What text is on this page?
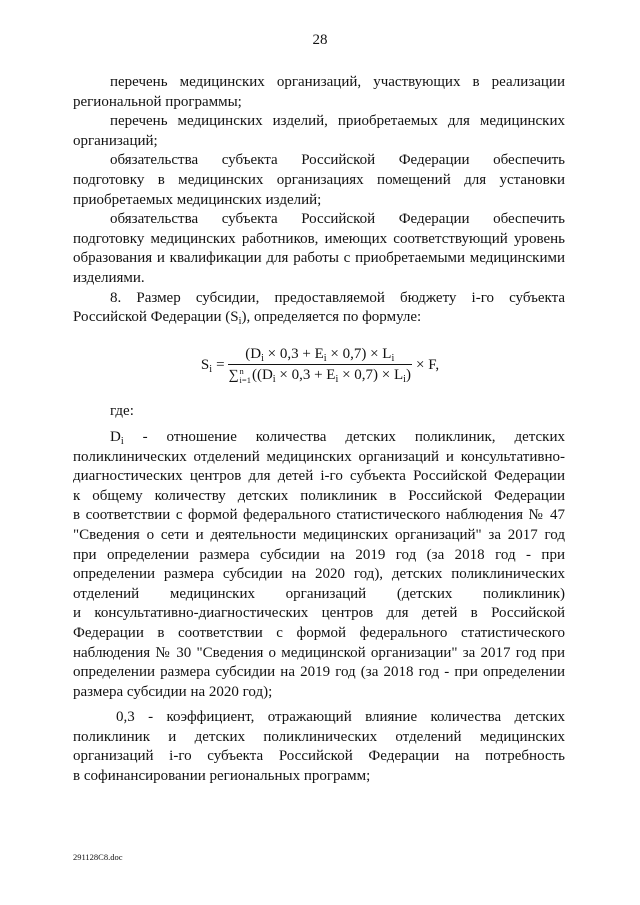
28
перечень медицинских организаций, участвующих в реализации
региональной программы;
перечень медицинских изделий, приобретаемых для медицинских
организаций;
обязательства субъекта Российской Федерации обеспечить
подготовку в медицинских организациях помещений для установки
приобретаемых медицинских изделий;
обязательства субъекта Российской Федерации обеспечить
подготовку медицинских работников, имеющих соответствующий уровень
образования и квалификации для работы с приобретаемыми медицинскими
изделиями.
8. Размер субсидии, предоставляемой бюджету i-го субъекта
Российской Федерации $(S_i)$, определяется по формуле:
$S_i = (D_i \times 0,3 + E_i \times 0,7) \times L_i$
∑ n
i=1 $((D_i \times 0,3 + E_i \times 0,7) \times L_i) \times F$,
где:
$D_i$ - отношение количества детских поликлиник, детских
поликлинических отделений медицинских организаций и консультативно-
диагностических центров для детей i-го субъекта Российской Федерации
к общему количеству детских поликлиник в Российской Федерации
в соответствии с формой федерального статистического наблюдения № 47
"Сведения о сети и деятельности медицинских организаций" за 2017 год
при определении размера субсидии на 2019 год (за 2018 год - при
определении размера субсидии на 2020 год), детских поликлинических
отделений медицинских организаций (детских поликлиник)
и консультативно-диагностических центров для детей в Российской
Федерации в соответствии с формой федерального статистического
наблюдения № 30 "Сведения о медицинской организации" за 2017 год при
определении размера субсидии на 2019 год (за 2018 год - при определении
размера субсидии на 2020 год);
0,3 - коэффициент, отражающий влияние количества детских
поликлиник и детских поликлинических отделений медицинских
организаций i-го субъекта Российской Федерации на потребность
в софинансировании региональных программ;
291128C8.doc
